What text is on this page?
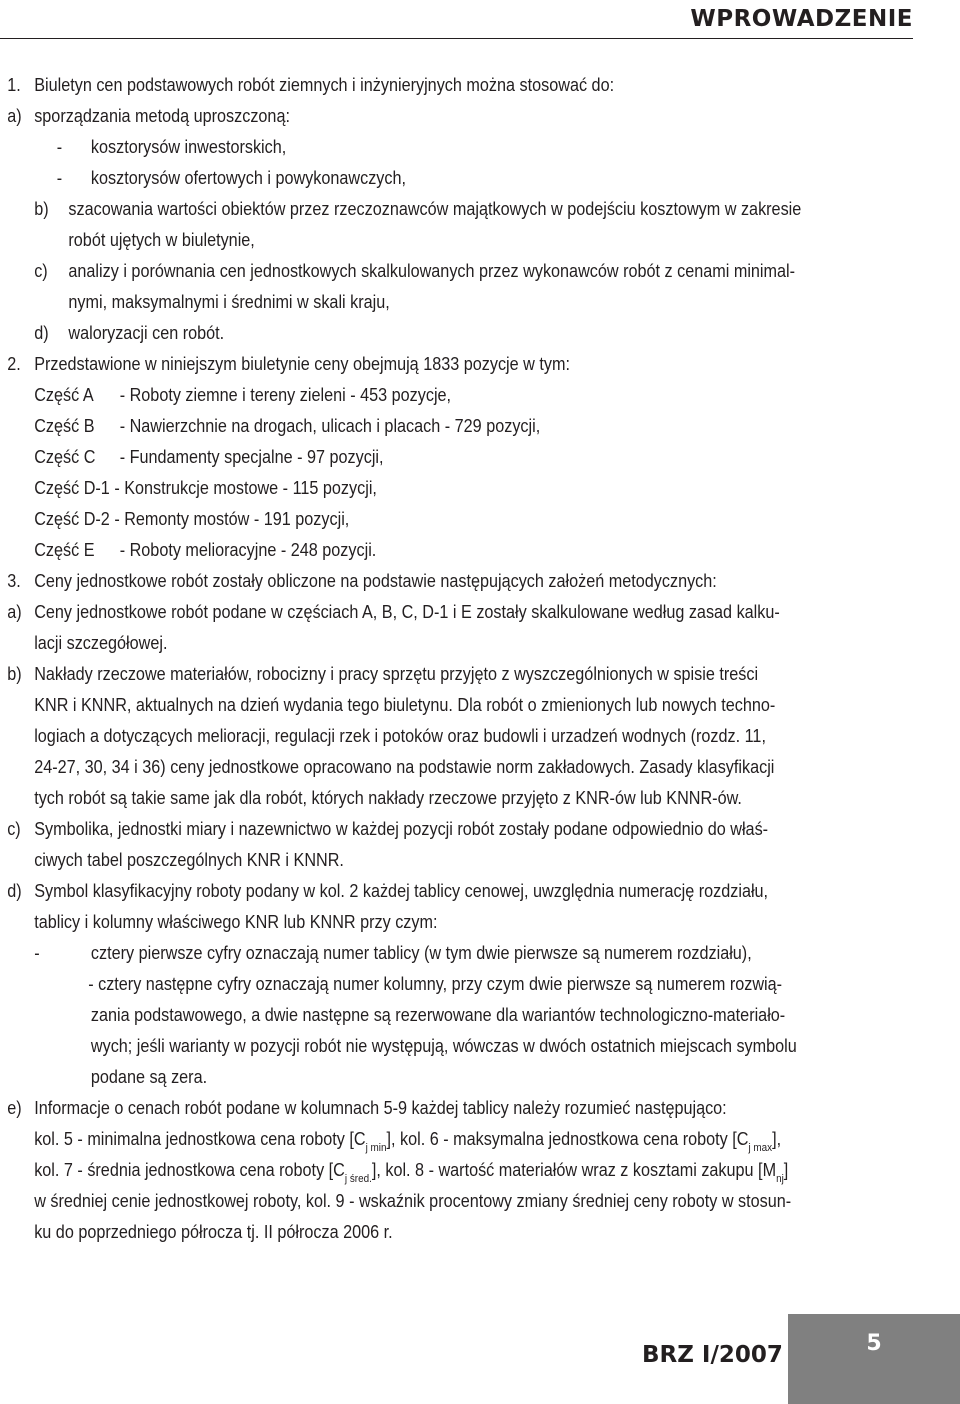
WPROWADZENIE
1. Biuletyn cen podstawowych robót ziemnych i inżynieryjnych można stosować do:
a) sporządzania metodą uproszczoną:
- kosztorysów inwestorskich,
- kosztorysów ofertowych i powykonawczych,
b) szacowania wartości obiektów przez rzeczoznawców majątkowych w podejściu kosztowym w zakresie
robót ujętych w biuletynie,
c) analizy i porównania cen jednostkowych skalkulowanych przez wykonawców robót z cenami minimal-
nymi, maksymalnymi i średnimi w skali kraju,
d) waloryzacji cen robót.
2. Przedstawione w niniejszym biuletynie ceny obejmują 1833 pozycje w tym:
Część A - Roboty ziemne i tereny zieleni - 453 pozycje,
Część B - Nawierzchnie na drogach, ulicach i placach - 729 pozycji,
Część C - Fundamenty specjalne - 97 pozycji,
Część D-1 - Konstrukcje mostowe - 115 pozycji,
Część D-2 - Remonty mostów - 191 pozycji,
Część E - Roboty melioracyjne - 248 pozycji.
3. Ceny jednostkowe robót zostały obliczone na podstawie następujących założeń metodycznych:
a) Ceny jednostkowe robót podane w częściach A, B, C, D-1 i E zostały skalkulowane według zasad kalku-
lacji szczegółowej.
b) Nakłady rzeczowe materiałów, robocizny i pracy sprzętu przyjęto z wyszczególnionych w spisie treści
KNR i KNNR, aktualnych na dzień wydania tego biuletynu. Dla robót o zmienionych lub nowych techno-
logiach a dotyczących melioracji, regulacji rzek i potoków oraz budowli i urzadzeń wodnych (rozdz. 11,
24-27, 30, 34 i 36) ceny jednostkowe opracowano na podstawie norm zakładowych. Zasady klasyfikacji
tych robót są takie same jak dla robót, których nakłady rzeczowe przyjęto z KNR-ów lub KNNR-ów.
c) Symbolika, jednostki miary i nazewnictwo w każdej pozycji robót zostały podane odpowiednio do właś-
ciwych tabel poszczególnych KNR i KNNR.
d) Symbol klasyfikacyjny roboty podany w kol. 2 każdej tablicy cenowej, uwzględnia numerację rozdziału,
tablicy i kolumny właściwego KNR lub KNNR przy czym:
-	cztery pierwsze cyfry oznaczają numer tablicy (w tym dwie pierwsze są numerem rozdziału),
- cztery następne cyfry oznaczają numer kolumny, przy czym dwie pierwsze są numerem rozwią-
zania podstawowego, a dwie następne są rezerwowane dla wariantów technologiczno-materiało-
wych; jeśli warianty w pozycji robót nie występują, wówczas w dwóch ostatnich miejscach symbolu
podane są zera.
e) Informacje o cenach robót podane w kolumnach 5-9 każdej tablicy należy rozumieć następująco:
kol. 5 - minimalna jednostkowa cena roboty $[C_{j min}]$, kol. 6 - maksymalna jednostkowa cena roboty $[C_{j max}]$,
kol. 7 - średnia jednostkowa cena roboty $[C_{j śred.}]$, kol. 8 - wartość materiałów wraz z kosztami zakupu $[M_{nj}]$
w średniej cenie jednostkowej roboty, kol. 9 - wskaźnik procentowy zmiany średniej ceny roboty w stosun-
ku do poprzedniego półrocza tj. II półrocza 2006 r.
BRZ I/2007	5
